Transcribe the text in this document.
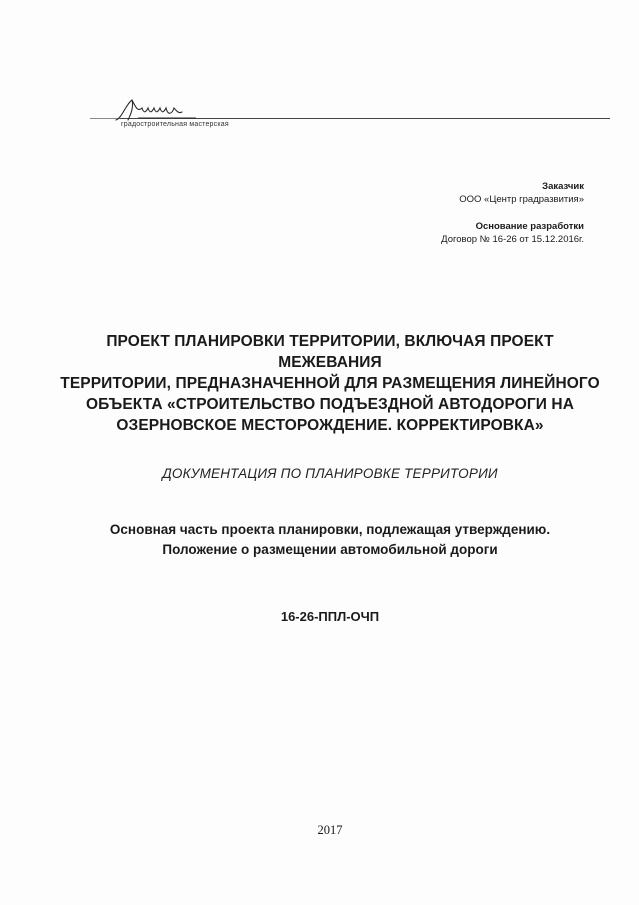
градостроительная мастерская
Заказчик
ООО «Центр градразвития»
Основание разработки
Договор № 16-26 от 15.12.2016г.
ПРОЕКТ ПЛАНИРОВКИ ТЕРРИТОРИИ, ВКЛЮЧАЯ ПРОЕКТ МЕЖЕВАНИЯ
ТЕРРИТОРИИ, ПРЕДНАЗНАЧЕННОЙ ДЛЯ РАЗМЕЩЕНИЯ ЛИНЕЙНОГО
ОБЪЕКТА «СТРОИТЕЛЬСТВО ПОДЪЕЗДНОЙ АВТОДОРОГИ НА
ОЗЕРНОВСКОЕ МЕСТОРОЖДЕНИЕ. КОРРЕКТИРОВКА»
ДОКУМЕНТАЦИЯ ПО ПЛАНИРОВКЕ ТЕРРИТОРИИ
Основная часть проекта планировки, подлежащая утверждению.
Положение о размещении автомобильной дороги
16-26-ППЛ-ОЧП
2017
